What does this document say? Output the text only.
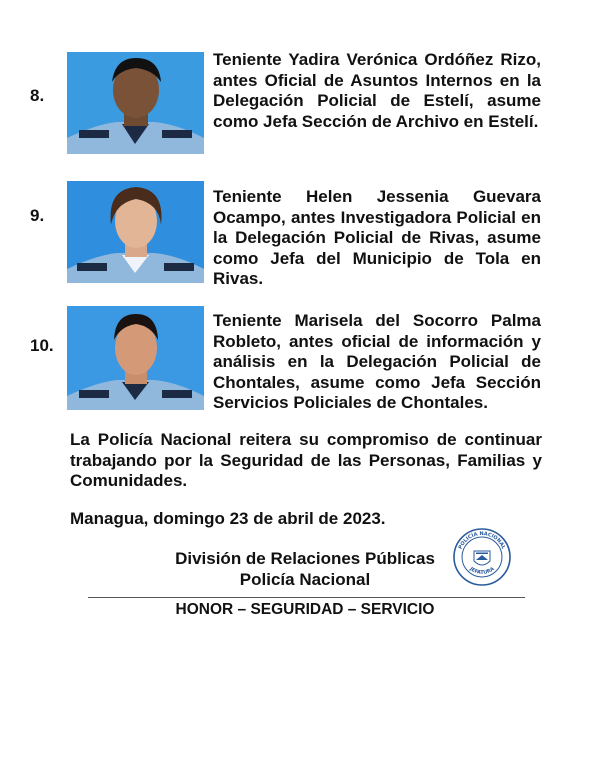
8.
Teniente Yadira Verónica Ordóñez Rizo, antes Oficial de Asuntos Internos en la Delegación Policial de Estelí, asume como Jefa Sección de Archivo en Estelí.
9.
Teniente Helen Jessenia Guevara Ocampo, antes Investigadora Policial en la Delegación Policial de Rivas, asume como Jefa del Municipio de Tola en Rivas.
10.
Teniente Marisela del Socorro Palma Robleto, antes oficial de información y análisis en la Delegación Policial de Chontales, asume como Jefa Sección Servicios Policiales de Chontales.
La Policía Nacional reitera su compromiso de continuar trabajando por la Seguridad de las Personas, Familias y Comunidades.
Managua, domingo 23 de abril de 2023.
División de Relaciones Públicas
Policía Nacional
POLICÍA NACIONAL
JEFATURA
HONOR – SEGURIDAD – SERVICIO
